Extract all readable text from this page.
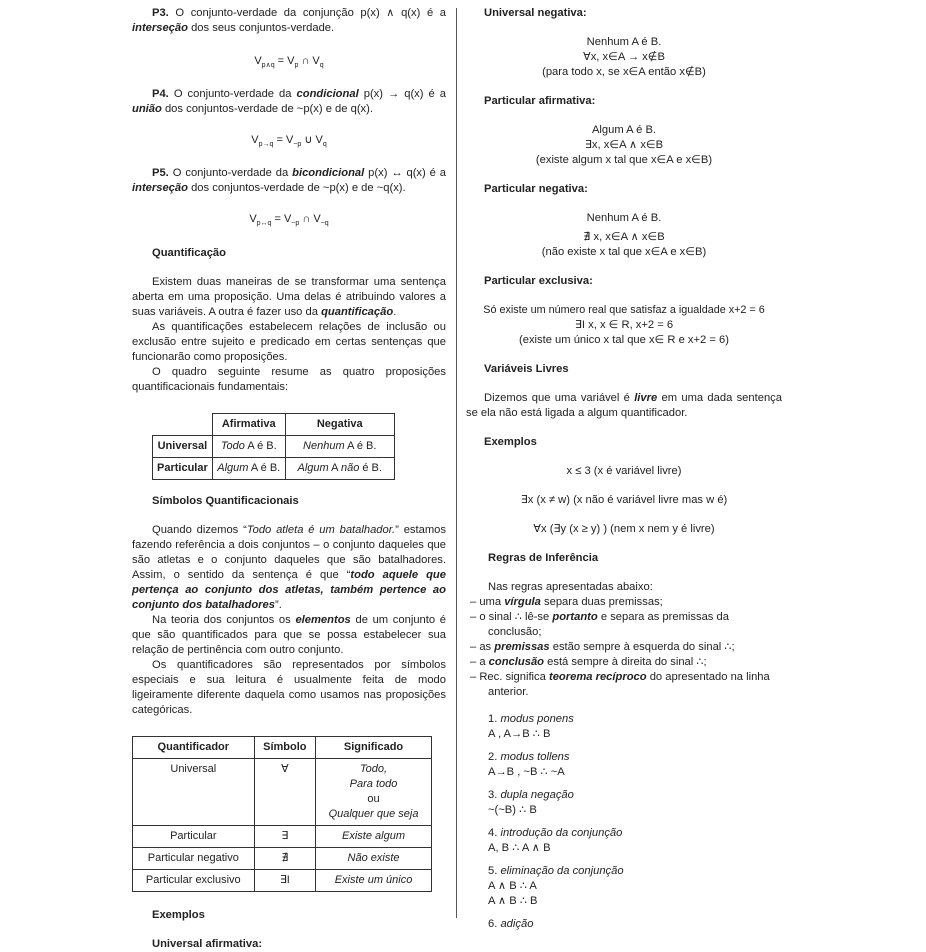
P3. O conjunto-verdade da conjunção p(x) ∧ q(x) é a interseção dos seus conjuntos-verdade.

$V_{p\wedge q} = V_p$ ∩ $V_q$

P4. O conjunto-verdade da condicional p(x) → q(x) é a união dos conjuntos-verdade de ~p(x) e de q(x).

$V_{p\to q} = V_{\sim p}$ ∪ $V_q$

P5. O conjunto-verdade da bicondicional p(x) ↔ q(x) é a interseção dos conjuntos-verdade de ~p(x) e de ~q(x).

$V_{p\leftrightarrow q} = V_{\sim p}$ ∩ $V_{\sim q}$

Quantificação

Existem duas maneiras de se transformar uma sentença aberta em uma proposição. Uma delas é atribuindo valores a suas variáveis. A outra é fazer uso da quantificação.

As quantificações estabelecem relações de inclusão ou exclusão entre sujeito e predicado em certas sentenças que funcionarão como proposições.

O quadro seguinte resume as quatro proposições quantificacionais fundamentais:

	Afirmativa	Negativa
Universal	Todo A é B.	Nenhum A é B.
Particular	Algum A é B.	Algum A não é B.

Símbolos Quantificacionais

Quando dizemos “Todo atleta é um batalhador.” estamos fazendo referência a dois conjuntos – o conjunto daqueles que são atletas e o conjunto daqueles que são batalhadores. Assim, o sentido da sentença é que “todo aquele que pertença ao conjunto dos atletas, também pertence ao conjunto dos batalhadores”.

Na teoria dos conjuntos os elementos de um conjunto é que são quantificados para que se possa estabelecer sua relação de pertinência com outro conjunto.

Os quantificadores são representados por símbolos especiais e sua leitura é usualmente feita de modo ligeiramente diferente daquela como usamos nas proposições categóricas.

Quantificador	Símbolo	Significado
Universal	∀	Todo,
Para todo
ou
Qualquer que seja

Particular	∃	Existe algum
Particular negativo	∄	Não existe
Particular exclusivo	∃I	Existe um único

Exemplos

Universal afirmativa:

Universal negativa:

Nenhum A é B.

∀x, x∈A → x∉B

(para todo x, se x∈A então x∉B)

Particular afirmativa:

Algum A é B.

∃x, x∈A ∧ x∈B

(existe algum x tal que x∈A e x∈B)

Particular negativa:

Nenhum A é B.

∄ x, x∈A ∧ x∈B

(não existe x tal que x∈A e x∈B)

Particular exclusiva:

Só existe um número real que satisfaz a igualdade x+2 = 6

∃I x, x ∈ R, x+2 = 6

(existe um único x tal que x∈ R e x+2 = 6)

Variáveis Livres

Dizemos que uma variável é livre em uma dada sentença se ela não está ligada a algum quantificador.

Exemplos

x ≤ 3 (x é variável livre)

∃x (x ≠ w) (x não é variável livre mas w é)

∀x (∃y (x ≥ y) ) (nem x nem y é livre)

Regras de Inferência

Nas regras apresentadas abaixo:

– uma vírgula separa duas premissas;

– o sinal ∴ lê-se portanto e separa as premissas da conclusão;

– as premissas estão sempre à esquerda do sinal ∴;

– a conclusão está sempre à direita do sinal ∴;

– Rec. significa teorema recíproco do apresentado na linha anterior.

1. modus ponens
A , A→B ∴ B
2. modus tollens
A→B , ~B ∴ ~A
3. dupla negação
~(~B) ∴ B
4. introdução da conjunção
A, B ∴ A ∧ B
5. eliminação da conjunção
A ∧ B ∴ A
A ∧ B ∴ B
6. adição
